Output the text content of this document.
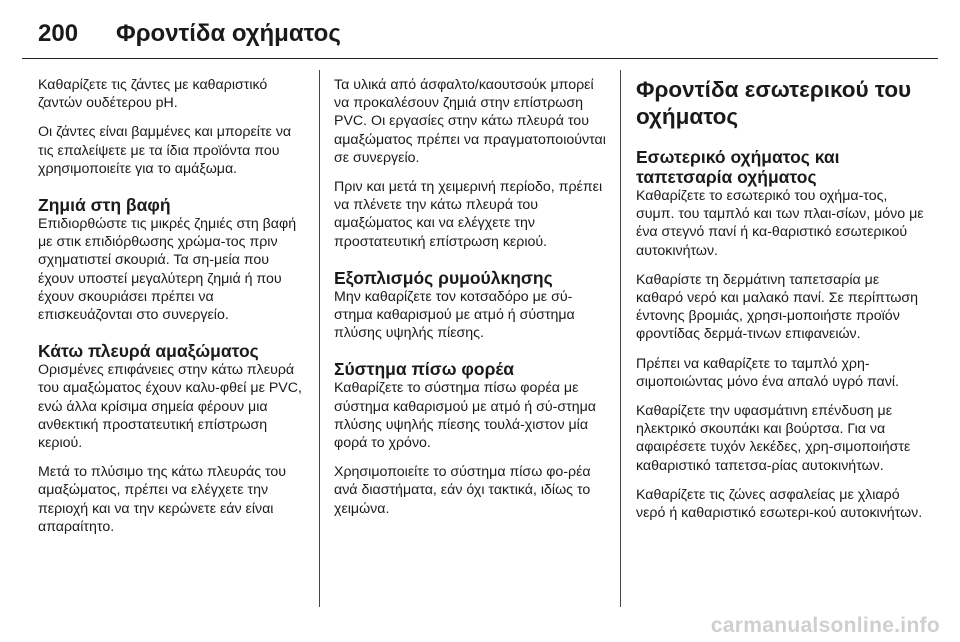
200	Φροντίδα οχήματος

Καθαρίζετε τις ζάντες με καθαριστικό ζαντών ουδέτερου pH.

Οι ζάντες είναι βαμμένες και μπορείτε να τις επαλείψετε με τα ίδια προϊόντα που χρησιμοποιείτε για το αμάξωμα.

Ζημιά στη βαφή

Επιδιορθώστε τις μικρές ζημιές στη βαφή με στικ επιδιόρθωσης χρώμα-τος πριν σχηματιστεί σκουριά. Τα ση-μεία που έχουν υποστεί μεγαλύτερη ζημιά ή που έχουν σκουριάσει πρέπει να επισκευάζονται στο συνεργείο.

Κάτω πλευρά αμαξώματος

Ορισμένες επιφάνειες στην κάτω πλευρά του αμαξώματος έχουν καλυ-φθεί με PVC, ενώ άλλα κρίσιμα σημεία φέρουν μια ανθεκτική προστατευτική επίστρωση κεριού.

Μετά το πλύσιμο της κάτω πλευράς του αμαξώματος, πρέπει να ελέγχετε την περιοχή και να την κερώνετε εάν είναι απαραίτητο.

Τα υλικά από άσφαλτο/καουτσούκ μπορεί να προκαλέσουν ζημιά στην επίστρωση PVC. Οι εργασίες στην κάτω πλευρά του αμαξώματος πρέπει να πραγματοποιούνται σε συνεργείο.

Πριν και μετά τη χειμερινή περίοδο, πρέπει να πλένετε την κάτω πλευρά του αμαξώματος και να ελέγχετε την προστατευτική επίστρωση κεριού.

Εξοπλισμός ρυμούλκησης

Μην καθαρίζετε τον κοτσαδόρο με σύ-στημα καθαρισμού με ατμό ή σύστημα πλύσης υψηλής πίεσης.

Σύστημα πίσω φορέα

Καθαρίζετε το σύστημα πίσω φορέα με σύστημα καθαρισμού με ατμό ή σύ-στημα πλύσης υψηλής πίεσης τουλά-χιστον μία φορά το χρόνο.

Χρησιμοποιείτε το σύστημα πίσω φο-ρέα ανά διαστήματα, εάν όχι τακτικά, ιδίως το χειμώνα.

Φροντίδα εσωτερικού του οχήματος
Εσωτερικό οχήματος και ταπετσαρία οχήματος

Καθαρίζετε το εσωτερικό του οχήμα-τος, συμπ. του ταμπλό και των πλαι-σίων, μόνο με ένα στεγνό πανί ή κα-θαριστικό εσωτερικού αυτοκινήτων.

Καθαρίστε τη δερμάτινη ταπετσαρία με καθαρό νερό και μαλακό πανί. Σε περίπτωση έντονης βρομιάς, χρησι-μοποιήστε προϊόν φροντίδας δερμά-τινων επιφανειών.

Πρέπει να καθαρίζετε το ταμπλό χρη-σιμοποιώντας μόνο ένα απαλό υγρό πανί.

Καθαρίζετε την υφασμάτινη επένδυση με ηλεκτρικό σκουπάκι και βούρτσα. Για να αφαιρέσετε τυχόν λεκέδες, χρη-σιμοποιήστε καθαριστικό ταπετσα-ρίας αυτοκινήτων.

Καθαρίζετε τις ζώνες ασφαλείας με χλιαρό νερό ή καθαριστικό εσωτερι-κού αυτοκινήτων.

carmanualsonline.info
